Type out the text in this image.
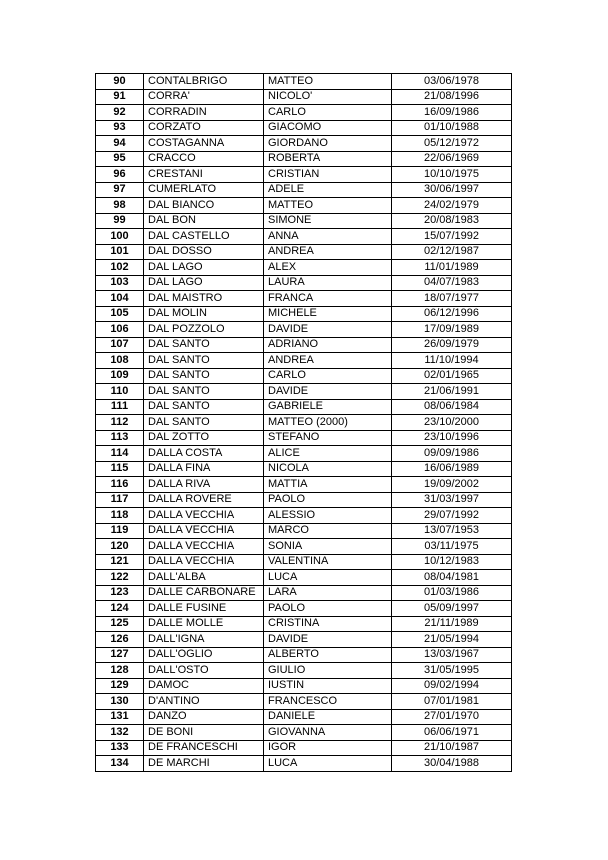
90	CONTALBRIGO	MATTEO	03/06/1978
91	CORRA'	NICOLO'	21/08/1996
92	CORRADIN	CARLO	16/09/1986
93	CORZATO	GIACOMO	01/10/1988
94	COSTAGANNA	GIORDANO	05/12/1972
95	CRACCO	ROBERTA	22/06/1969
96	CRESTANI	CRISTIAN	10/10/1975
97	CUMERLATO	ADELE	30/06/1997
98	DAL BIANCO	MATTEO	24/02/1979
99	DAL BON	SIMONE	20/08/1983
100	DAL CASTELLO	ANNA	15/07/1992
101	DAL DOSSO	ANDREA	02/12/1987
102	DAL LAGO	ALEX	11/01/1989
103	DAL LAGO	LAURA	04/07/1983
104	DAL MAISTRO	FRANCA	18/07/1977
105	DAL MOLIN	MICHELE	06/12/1996
106	DAL POZZOLO	DAVIDE	17/09/1989
107	DAL SANTO	ADRIANO	26/09/1979
108	DAL SANTO	ANDREA	11/10/1994
109	DAL SANTO	CARLO	02/01/1965
110	DAL SANTO	DAVIDE	21/06/1991
111	DAL SANTO	GABRIELE	08/06/1984
112	DAL SANTO	MATTEO (2000)	23/10/2000
113	DAL ZOTTO	STEFANO	23/10/1996
114	DALLA COSTA	ALICE	09/09/1986
115	DALLA FINA	NICOLA	16/06/1989
116	DALLA RIVA	MATTIA	19/09/2002
117	DALLA ROVERE	PAOLO	31/03/1997
118	DALLA VECCHIA	ALESSIO	29/07/1992
119	DALLA VECCHIA	MARCO	13/07/1953
120	DALLA VECCHIA	SONIA	03/11/1975
121	DALLA VECCHIA	VALENTINA	10/12/1983
122	DALL'ALBA	LUCA	08/04/1981
123	DALLE CARBONARE	LARA	01/03/1986
124	DALLE FUSINE	PAOLO	05/09/1997
125	DALLE MOLLE	CRISTINA	21/11/1989
126	DALL'IGNA	DAVIDE	21/05/1994
127	DALL'OGLIO	ALBERTO	13/03/1967
128	DALL'OSTO	GIULIO	31/05/1995
129	DAMOC	IUSTIN	09/02/1994
130	D'ANTINO	FRANCESCO	07/01/1981
131	DANZO	DANIELE	27/01/1970
132	DE BONI	GIOVANNA	06/06/1971
133	DE FRANCESCHI	IGOR	21/10/1987
134	DE MARCHI	LUCA	30/04/1988
